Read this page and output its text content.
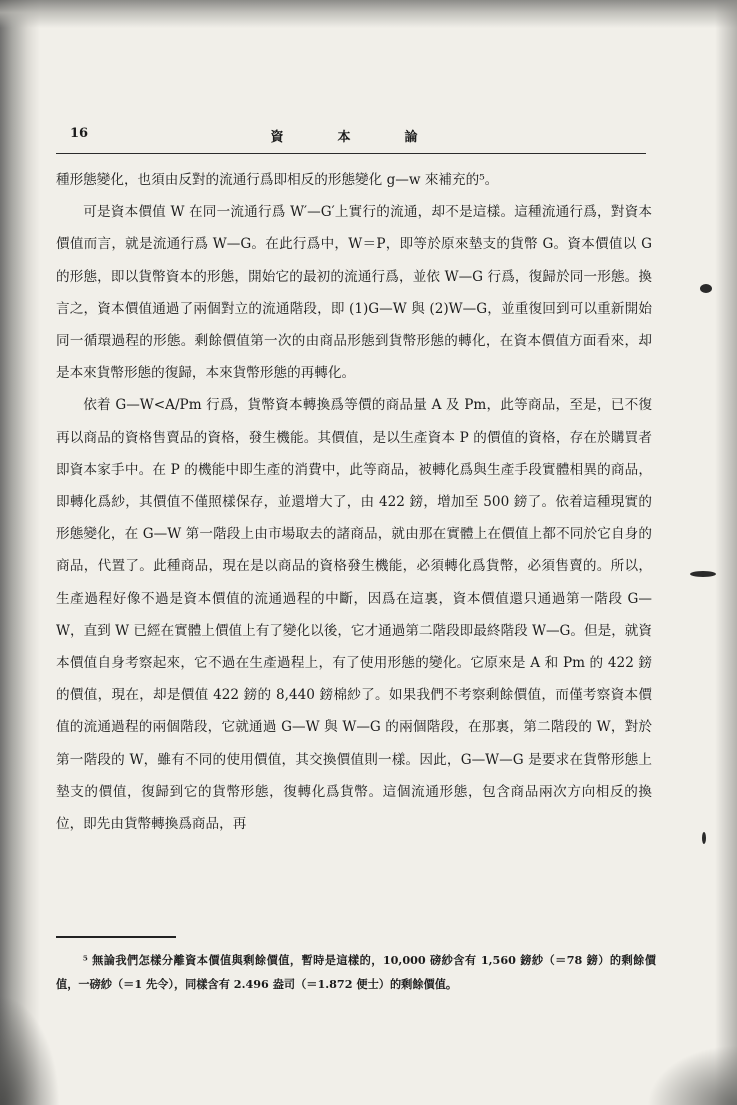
16	資本論

種形態變化，也須由反對的流通行爲即相反的形態變化 g—w 來補充的⁵。

可是資本價值 W 在同一流通行爲 W′—G′上實行的流通，却不是這樣。這種流通行爲，對資本價值而言，就是流通行爲 W—G。在此行爲中，W＝P，即等於原來墊支的貨幣 G。資本價值以 G 的形態，即以貨幣資本的形態，開始它的最初的流通行爲，並依 W—G 行爲，復歸於同一形態。換言之，資本價值通過了兩個對立的流通階段，即 (1)G—W 與 (2)W—G，並重復回到可以重新開始同一循環過程的形態。剩餘價值第一次的由商品形態到貨幣形態的轉化，在資本價值方面看來，却是本來貨幣形態的復歸，本來貨幣形態的再轉化。

依着 G—W<A/Pm 行爲，貨幣資本轉換爲等價的商品量 A 及 Pm，此等商品，至是，已不復再以商品的資格售賣品的資格，發生機能。其價值，是以生產資本 P 的價值的資格，存在於購買者即資本家手中。在 P 的機能中即生產的消費中，此等商品，被轉化爲與生產手段實體相異的商品，即轉化爲紗，其價值不僅照樣保存，並還增大了，由 422 鎊，增加至 500 鎊了。依着這種現實的形態變化，在 G—W 第一階段上由市場取去的諸商品，就由那在實體上在價值上都不同於它自身的商品，代置了。此種商品，現在是以商品的資格發生機能，必須轉化爲貨幣，必須售賣的。所以，生產過程好像不過是資本價值的流通過程的中斷，因爲在這裏，資本價值還只通過第一階段 G—W，直到 W 已經在實體上價值上有了變化以後，它才通過第二階段即最終階段 W—G。但是，就資本價值自身考察起來，它不過在生產過程上，有了使用形態的變化。它原來是 A 和 Pm 的 422 鎊的價值，現在，却是價值 422 鎊的 8,440 鎊棉紗了。如果我們不考察剩餘價值，而僅考察資本價值的流通過程的兩個階段，它就通過 G—W 與 W—G 的兩個階段，在那裏，第二階段的 W，對於第一階段的 W，雖有不同的使用價值，其交換價值則一樣。因此，G—W—G 是要求在貨幣形態上墊支的價值，復歸到它的貨幣形態，復轉化爲貨幣。這個流通形態，包含商品兩次方向相反的換位，即先由貨幣轉換爲商品，再

⁵ 無論我們怎樣分離資本價值與剩餘價值，暫時是這樣的，10,000 磅紗含有 1,560 鎊紗（＝78 鎊）的剩餘價值，一磅紗（＝1 先令），同樣含有 2.496 盎司（＝1.872 便士）的剩餘價值。
